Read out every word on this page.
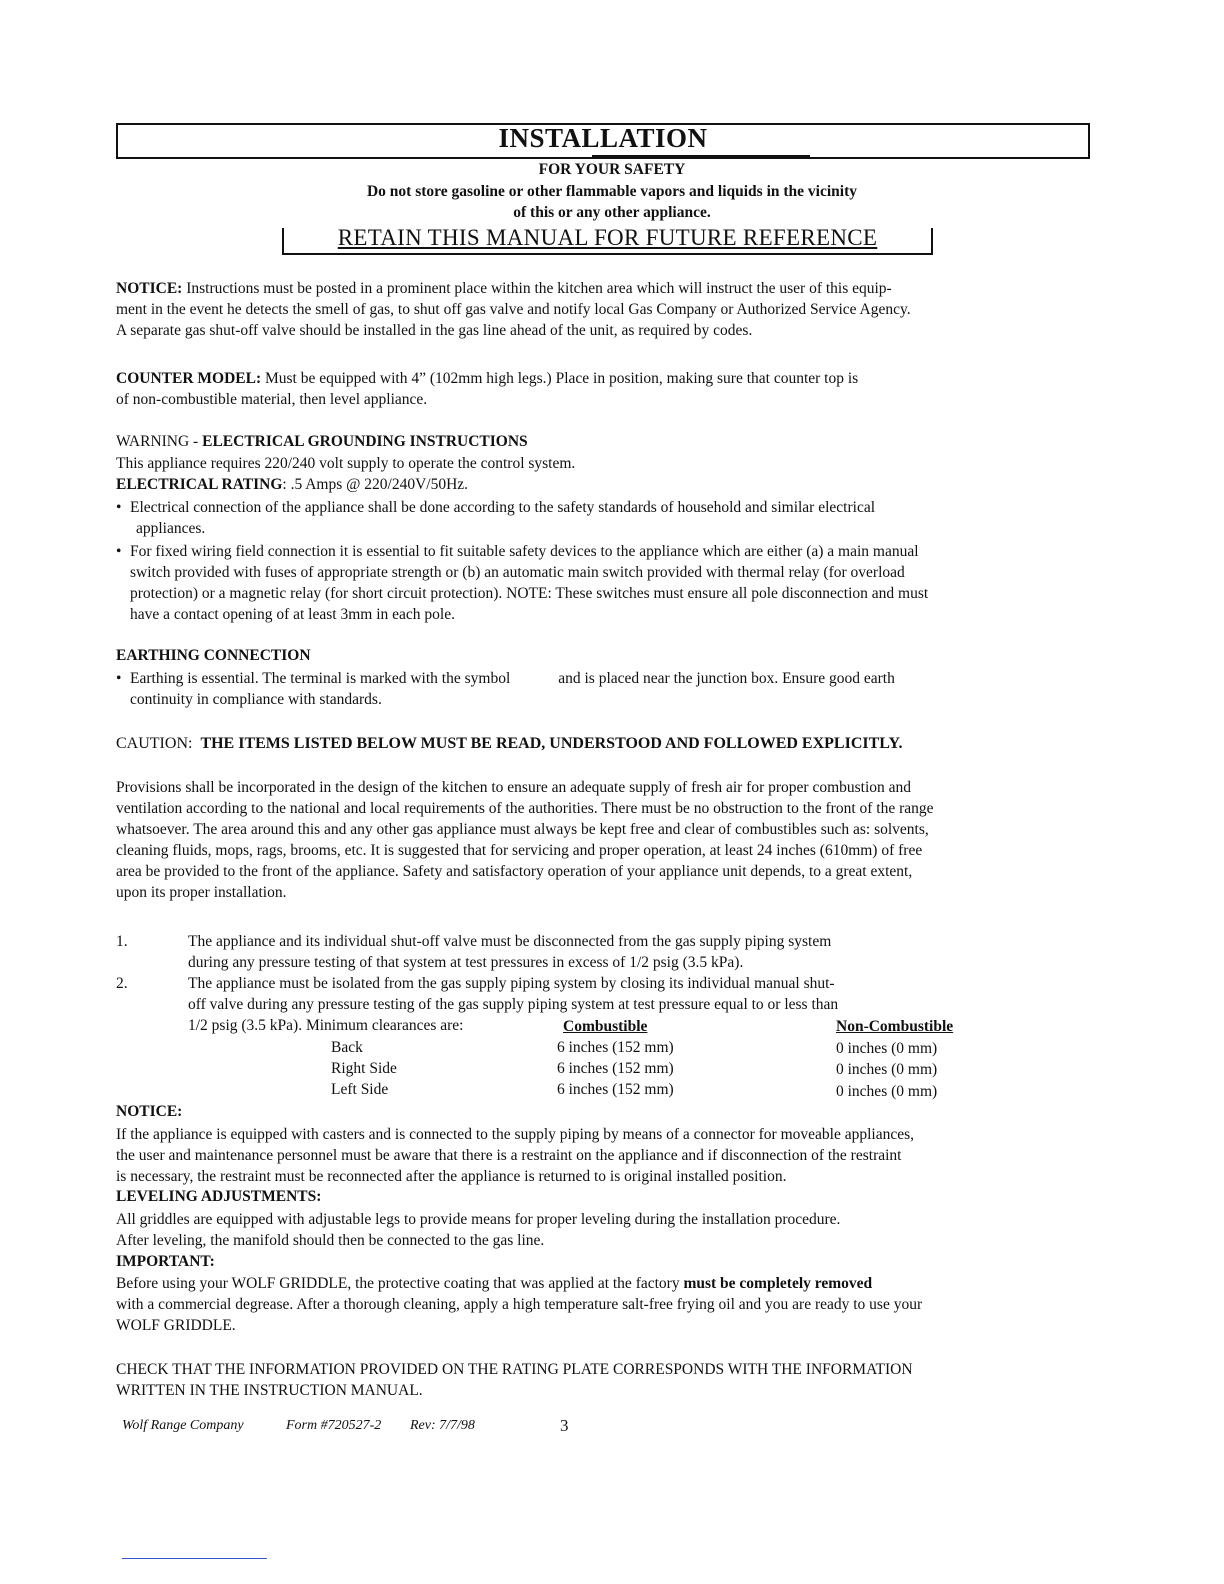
INSTALLATION
FOR YOUR SAFETY
Do not store gasoline or other flammable vapors and liquids in the vicinity
of this or any other appliance.
RETAIN THIS MANUAL FOR FUTURE REFERENCE
NOTICE: Instructions must be posted in a prominent place within the kitchen area which will instruct the user of this equip-
ment in the event he detects the smell of gas, to shut off gas valve and notify local Gas Company or Authorized Service Agency.
A separate gas shut-off valve should be installed in the gas line ahead of the unit, as required by codes.
COUNTER MODEL: Must be equipped with 4” (102mm high legs.) Place in position, making sure that counter top is
of non-combustible material, then level appliance.
WARNING - ELECTRICAL GROUNDING INSTRUCTIONS
This appliance requires 220/240 volt supply to operate the control system.
ELECTRICAL RATING: .5 Amps @ 220/240V/50Hz.
• Electrical connection of the appliance shall be done according to the safety standards of household and similar electrical
appliances.
• For fixed wiring field connection it is essential to fit suitable safety devices to the appliance which are either (a) a main manual
switch provided with fuses of appropriate strength or (b) an automatic main switch provided with thermal relay (for overload
protection) or a magnetic relay (for short circuit protection). NOTE: These switches must ensure all pole disconnection and must
have a contact opening of at least 3mm in each pole.
EARTHING CONNECTION
• Earthing is essential. The terminal is marked with the symbol	and is placed near the junction box. Ensure good earth
continuity in compliance with standards.
CAUTION: THE ITEMS LISTED BELOW MUST BE READ, UNDERSTOOD AND FOLLOWED EXPLICITLY.
Provisions shall be incorporated in the design of the kitchen to ensure an adequate supply of fresh air for proper combustion and
ventilation according to the national and local requirements of the authorities. There must be no obstruction to the front of the range
whatsoever. The area around this and any other gas appliance must always be kept free and clear of combustibles such as: solvents,
cleaning fluids, mops, rags, brooms, etc. It is suggested that for servicing and proper operation, at least 24 inches (610mm) of free
area be provided to the front of the appliance. Safety and satisfactory operation of your appliance unit depends, to a great extent,
upon its proper installation.
1.	The appliance and its individual shut-off valve must be disconnected from the gas supply piping system
during any pressure testing of that system at test pressures in excess of 1/2 psig (3.5 kPa).
2.	The appliance must be isolated from the gas supply piping system by closing its individual manual shut-
off valve during any pressure testing of the gas supply piping system at test pressure equal to or less than
1/2 psig (3.5 kPa). Minimum clearances are:	Combustible	Non-Combustible
Back	6 inches (152 mm)	0 inches (0 mm)
Right Side	6 inches (152 mm)	0 inches (0 mm)
Left Side	6 inches (152 mm)	0 inches (0 mm)
NOTICE:
If the appliance is equipped with casters and is connected to the supply piping by means of a connector for moveable appliances,
the user and maintenance personnel must be aware that there is a restraint on the appliance and if disconnection of the restraint
is necessary, the restraint must be reconnected after the appliance is returned to is original installed position.
LEVELING ADJUSTMENTS:
All griddles are equipped with adjustable legs to provide means for proper leveling during the installation procedure.
After leveling, the manifold should then be connected to the gas line.
IMPORTANT:
Before using your WOLF GRIDDLE, the protective coating that was applied at the factory must be completely removed
with a commercial degrease. After a thorough cleaning, apply a high temperature salt-free frying oil and you are ready to use your
WOLF GRIDDLE.
CHECK THAT THE INFORMATION PROVIDED ON THE RATING PLATE CORRESPONDS WITH THE INFORMATION
WRITTEN IN THE INSTRUCTION MANUAL.
Wolf Range Company	Form #720527-2 Rev: 7/7/98	3
